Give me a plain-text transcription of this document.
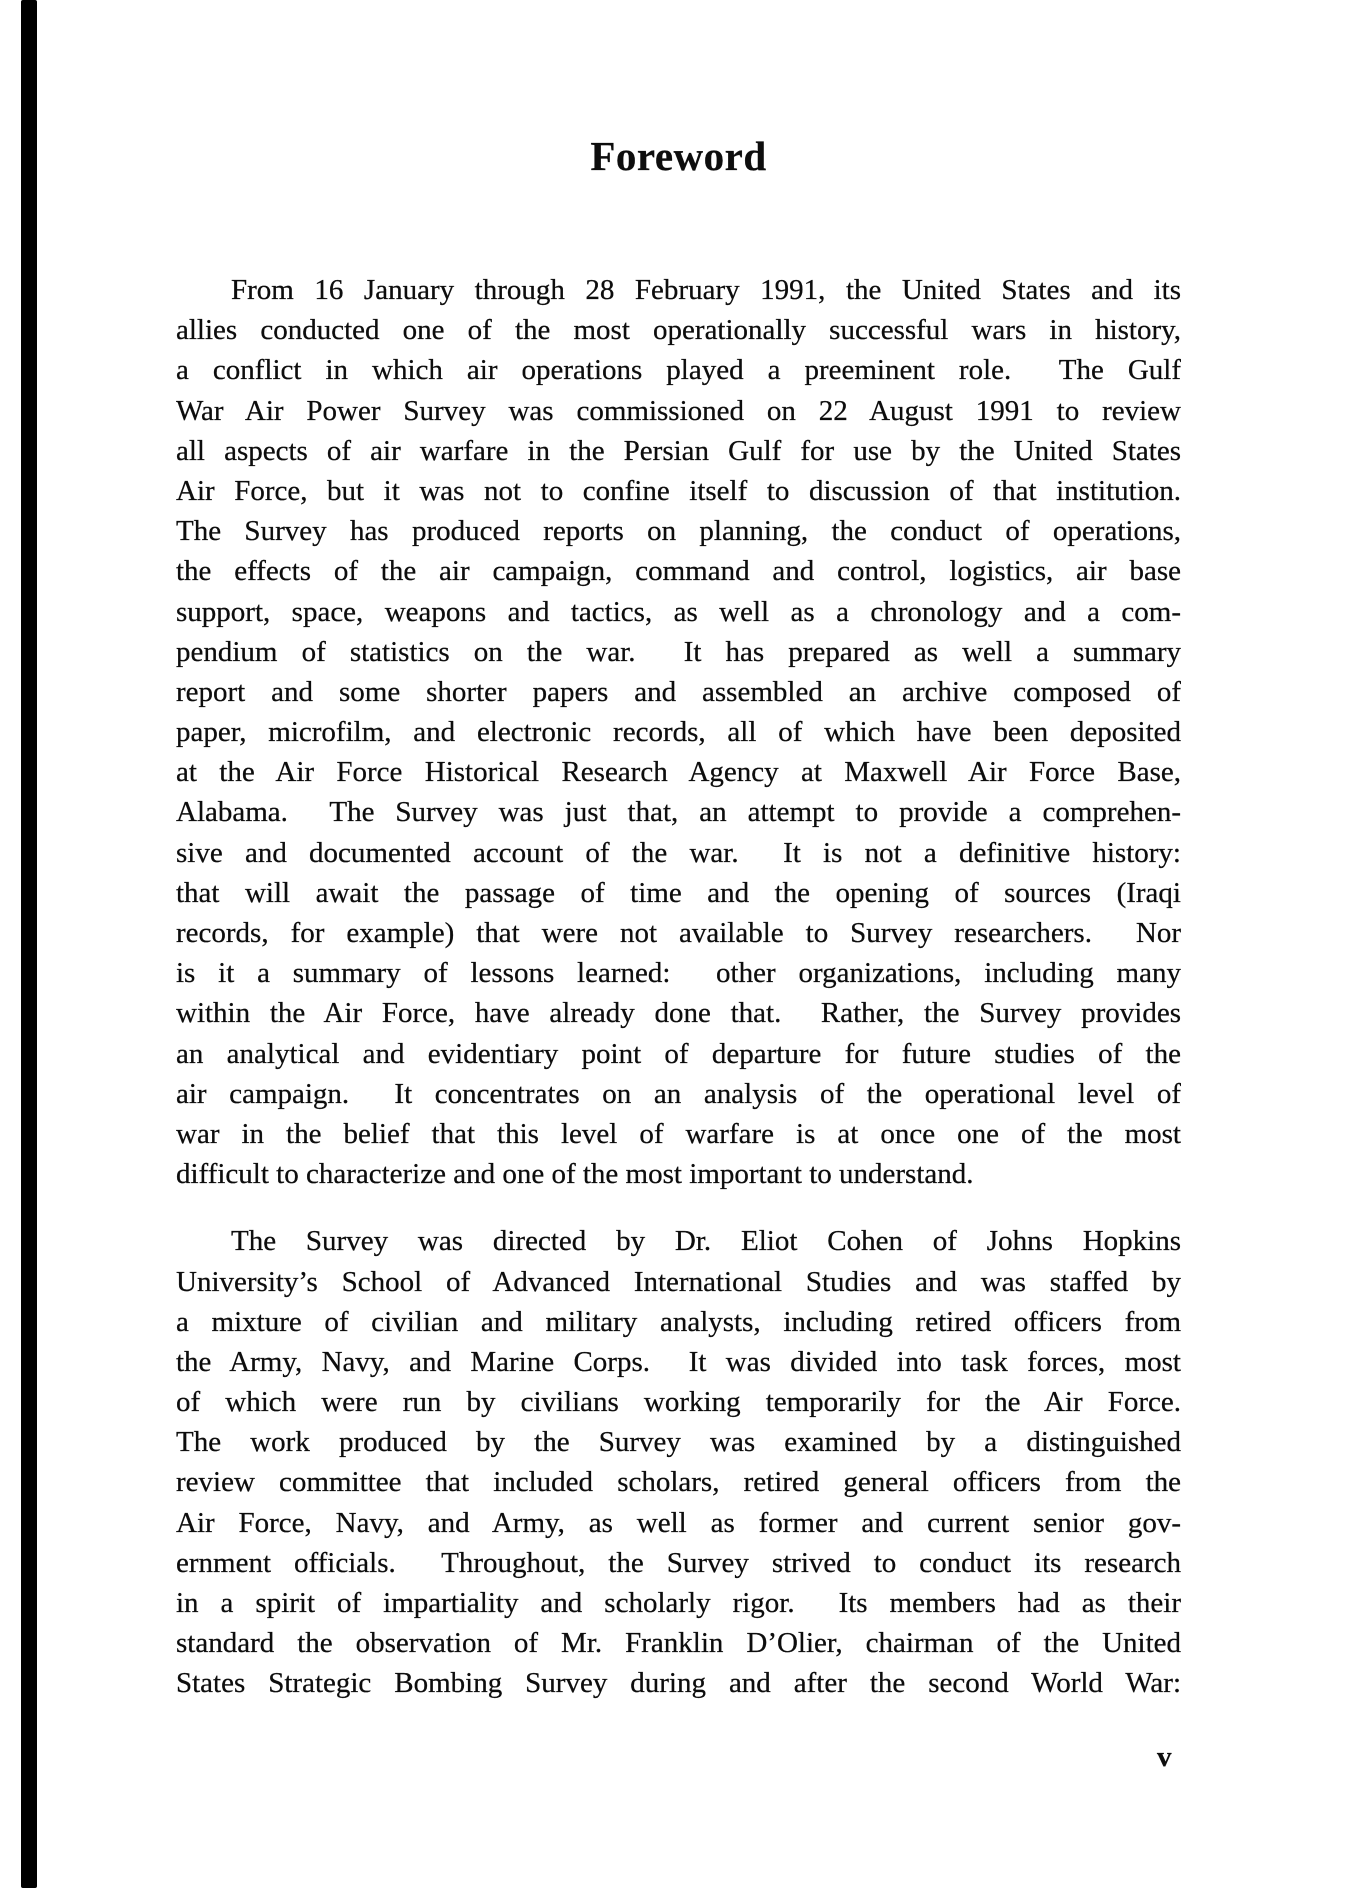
Foreword
From 16 January through 28 February 1991, the United States and its
allies conducted one of the most operationally successful wars in history,
a conflict in which air operations played a preeminent role.  The Gulf
War Air Power Survey was commissioned on 22 August 1991 to review
all aspects of air warfare in the Persian Gulf for use by the United States
Air Force, but it was not to confine itself to discussion of that institution.
The Survey has produced reports on planning, the conduct of operations,
the effects of the air campaign, command and control, logistics, air base
support, space, weapons and tactics, as well as a chronology and a com-
pendium of statistics on the war.  It has prepared as well a summary
report and some shorter papers and assembled an archive composed of
paper, microfilm, and electronic records, all of which have been deposited
at the Air Force Historical Research Agency at Maxwell Air Force Base,
Alabama.  The Survey was just that, an attempt to provide a comprehen-
sive and documented account of the war.  It is not a definitive history:
that will await the passage of time and the opening of sources (Iraqi
records, for example) that were not available to Survey researchers.  Nor
is it a summary of lessons learned:  other organizations, including many
within the Air Force, have already done that.  Rather, the Survey provides
an analytical and evidentiary point of departure for future studies of the
air campaign.  It concentrates on an analysis of the operational level of
war in the belief that this level of warfare is at once one of the most
difficult to characterize and one of the most important to understand.
The Survey was directed by Dr. Eliot Cohen of Johns Hopkins
University’s School of Advanced International Studies and was staffed by
a mixture of civilian and military analysts, including retired officers from
the Army, Navy, and Marine Corps.  It was divided into task forces, most
of which were run by civilians working temporarily for the Air Force.
The work produced by the Survey was examined by a distinguished
review committee that included scholars, retired general officers from the
Air Force, Navy, and Army, as well as former and current senior gov-
ernment officials.  Throughout, the Survey strived to conduct its research
in a spirit of impartiality and scholarly rigor.  Its members had as their
standard the observation of Mr. Franklin D’Olier, chairman of the United
States Strategic Bombing Survey during and after the second World War:
v
